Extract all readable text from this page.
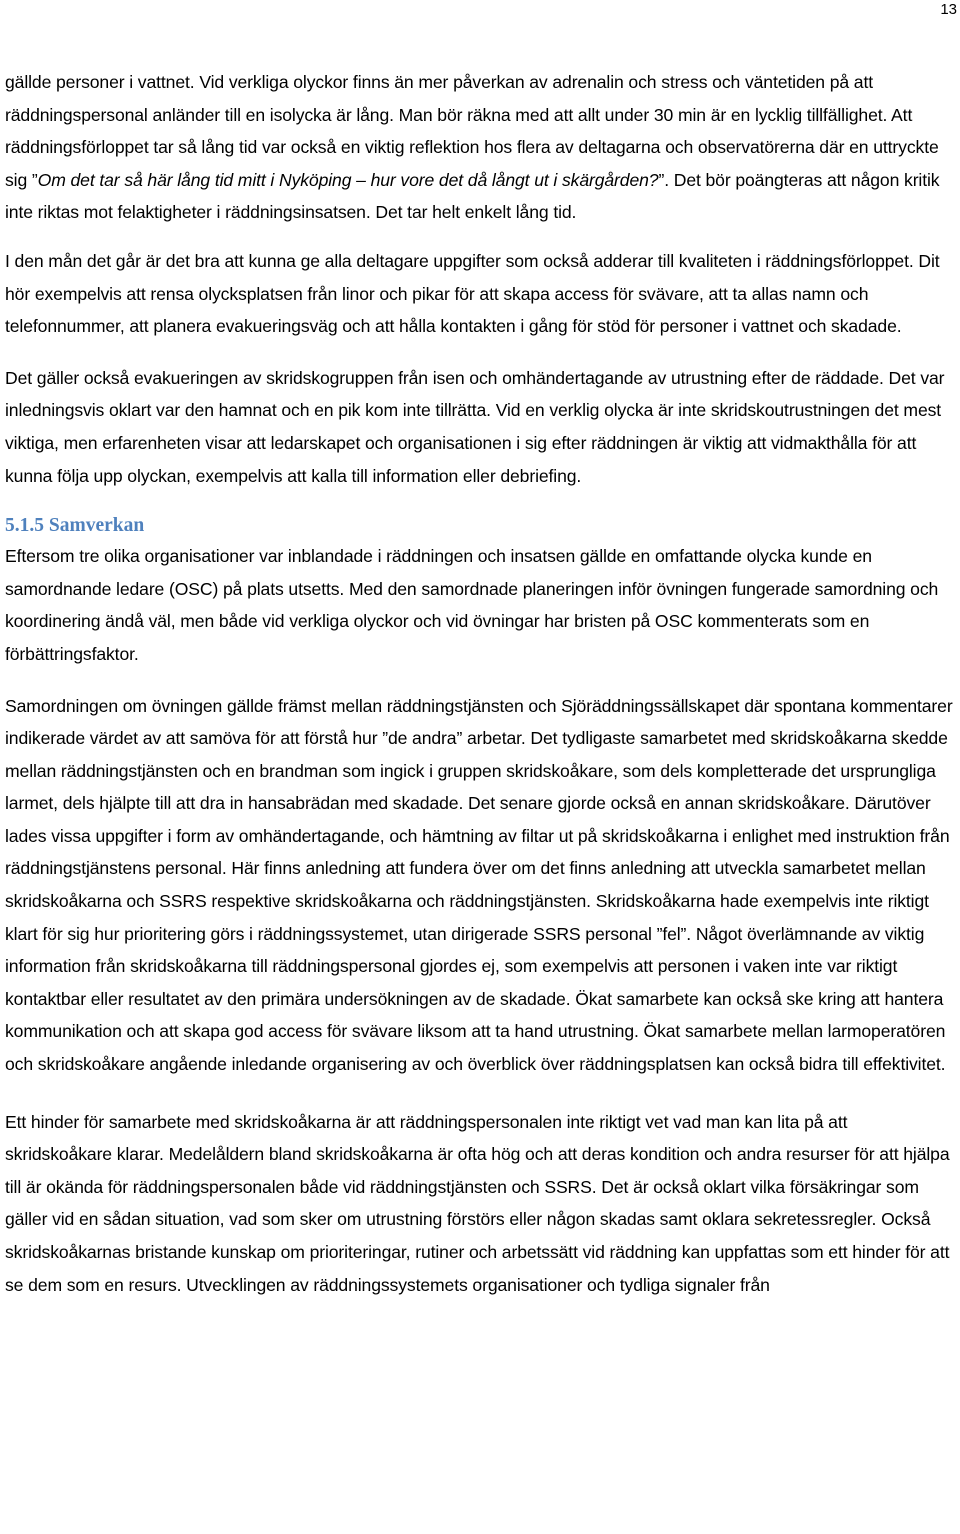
13

gällde personer i vattnet. Vid verkliga olyckor finns än mer påverkan av adrenalin och stress och väntetiden på att räddningspersonal anländer till en isolycka är lång. Man bör räkna med att allt under 30 min är en lycklig tillfällighet. Att räddningsförloppet tar så lång tid var också en viktig reflektion hos flera av deltagarna och observatörerna där en uttryckte sig ”Om det tar så här lång tid mitt i Nyköping – hur vore det då långt ut i skärgården?”. Det bör poängteras att någon kritik inte riktas mot felaktigheter i räddningsinsatsen. Det tar helt enkelt lång tid.

I den mån det går är det bra att kunna ge alla deltagare uppgifter som också adderar till kvaliteten i räddningsförloppet. Dit hör exempelvis att rensa olycksplatsen från linor och pikar för att skapa access för svävare, att ta allas namn och telefonnummer, att planera evakueringsväg och att hålla kontakten i gång för stöd för personer i vattnet och skadade.

Det gäller också evakueringen av skridskogruppen från isen och omhändertagande av utrustning efter de räddade. Det var inledningsvis oklart var den hamnat och en pik kom inte tillrätta. Vid en verklig olycka är inte skridskoutrustningen det mest viktiga, men erfarenheten visar att ledarskapet och organisationen i sig efter räddningen är viktig att vidmakthålla för att kunna följa upp olyckan, exempelvis att kalla till information eller debriefing.

5.1.5 Samverkan

Eftersom tre olika organisationer var inblandade i räddningen och insatsen gällde en omfattande olycka kunde en samordnande ledare (OSC) på plats utsetts. Med den samordnade planeringen inför övningen fungerade samordning och koordinering ändå väl, men både vid verkliga olyckor och vid övningar har bristen på OSC kommenterats som en förbättringsfaktor.

Samordningen om övningen gällde främst mellan räddningstjänsten och Sjöräddningssällskapet där spontana kommentarer indikerade värdet av att samöva för att förstå hur ”de andra” arbetar. Det tydligaste samarbetet med skridskoåkarna skedde mellan räddningstjänsten och en brandman som ingick i gruppen skridskoåkare, som dels kompletterade det ursprungliga larmet, dels hjälpte till att dra in hansabrädan med skadade. Det senare gjorde också en annan skridskoåkare. Därutöver lades vissa uppgifter i form av omhändertagande, och hämtning av filtar ut på skridskoåkarna i enlighet med instruktion från räddningstjänstens personal. Här finns anledning att fundera över om det finns anledning att utveckla samarbetet mellan skridskoåkarna och SSRS respektive skridskoåkarna och räddningstjänsten. Skridskoåkarna hade exempelvis inte riktigt klart för sig hur prioritering görs i räddningssystemet, utan dirigerade SSRS personal ”fel”. Något överlämnande av viktig information från skridskoåkarna till räddningspersonal gjordes ej, som exempelvis att personen i vaken inte var riktigt kontaktbar eller resultatet av den primära undersökningen av de skadade. Ökat samarbete kan också ske kring att hantera kommunikation och att skapa god access för svävare liksom att ta hand utrustning. Ökat samarbete mellan larmoperatören och skridskoåkare angående inledande organisering av och överblick över räddningsplatsen kan också bidra till effektivitet.

Ett hinder för samarbete med skridskoåkarna är att räddningspersonalen inte riktigt vet vad man kan lita på att skridskoåkare klarar. Medelåldern bland skridskoåkarna är ofta hög och att deras kondition och andra resurser för att hjälpa till är okända för räddningspersonalen både vid räddningstjänsten och SSRS. Det är också oklart vilka försäkringar som gäller vid en sådan situation, vad som sker om utrustning förstörs eller någon skadas samt oklara sekretessregler. Också skridskoåkarnas bristande kunskap om prioriteringar, rutiner och arbetssätt vid räddning kan uppfattas som ett hinder för att se dem som en resurs. Utvecklingen av räddningssystemets organisationer och tydliga signaler från
